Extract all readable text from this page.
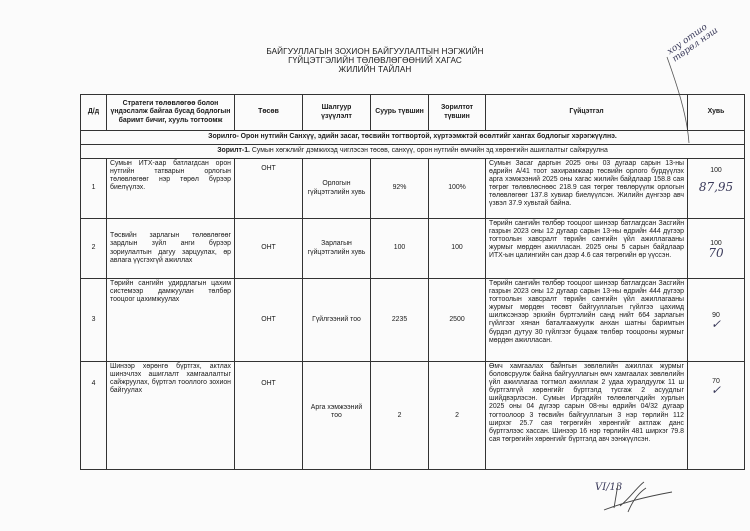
БАЙГУУЛЛАГЫН ЗОХИОН БАЙГУУЛАЛТЫН НЭГЖИЙН
ГҮЙЦЭТГЭЛИЙН ТӨЛӨВЛӨГӨӨНИЙ ХАГАС
ЖИЛИЙН ТАЙЛАН
хоу отшо төрөл нэш
Д/д	Стратеги төлөвлөгөө болон үндэслэлж байгаа бусад бодлогын баримт бичиг, хууль тогтоомж	Төсөв	Шалгуур үзүүлэлт	Суурь түвшин	Зорилтот түвшин	Гүйцэтгэл	Хувь
Зорилго- Орон нутгийн Санхүү, эдийн засаг, төсвийн тогтвортой, хүртээмжтэй өсөлтийг хангах бодлогыг хэрэгжүүлнэ.							
Зорилт-1. Сумын хөгжлийг дэмжихэд чиглэсэн төсөв, санхүү, орон нутгийн өмчийн эд хөрөнгийн ашиглалтыг сайжруулна							
1	Сумын ИТХ-аар батлагдсан орон нутгийн татварын орлогын төлөвлөгөөг нэр төрөл бүрээр биелүүлэх.	ОНТ	Орлогын гүйцэтгэлийн хувь	92%	100%	Сумын Засаг даргын 2025 оны 03 дугаар сарын 13-ны өдрийн А/41 тоот захирамжаар төсвийн орлого бүрдүүлэх арга хэмжээний 2025 оны хагас жилийн байдлаар 158.8 сая төгрөг төлөвлөснөөс 218.9 сая төгрөг төвлөрүүлж орлогын төлөвлөгөөг 137.8 хувиар биелүүлсэн. Жилийн дүнгээр авч үзвэл 37.9 хувьтай байна.	100
87,95

2	Төсвийн зарлагын төлөвлөгөөг зардлын зүйл анги бүрээр зориулалтын дагуу зарцуулах, өр авлага үүсгэхгүй ажиллах	ОНТ	Зарлагын гүйцэтгэлийн хувь	100	100	Төрийн сангийн төлбөр тооцоог шинээр батлагдсан Засгийн газрын 2023 оны 12 дугаар сарын 13-ны өдрийн 444 дүгээр тогтоолын хавсралт төрийн сангийн үйл ажиллагааны журмыг мөрдөн ажилласан. 2025 оны 5 сарын байдлаар ИТХ-ын цалингийн сан дээр 4.6 сая төгрөгийн өр үүссэн.	100
70

3	Төрийн сангийн удирдлагын цахим системээр дамжуулан төлбөр тооцоог цахимжуулах	ОНТ	Гүйлгээний тоо	2235	2500	Төрийн сангийн төлбөр тооцоог шинээр батлагдсан Засгийн газрын 2023 оны 12 дугаар сарын 13-ны өдрийн 444 дүгээр тогтоолын хавсралт төрийн сангийн үйл ажиллагааны журмыг мөрдөн төсөвт байгууллагын гүйлгээ цахимд шилжсэнээр эрхийн бүртгэлийн санд нийт 664 зарлагын гүйлгээг хянан баталгаажуулж анхан шатны баримтын бүрдэл дутуу 30 гүйлгээг буцааж төлбөр тооцооны журмыг мөрдөн ажилласан.	90
✓

4	Шинээр хөрөнгө бүртгэх, актлах шинэчлэх ашиглалт хамгаалалтыг сайжруулах, бүртгэл тооллого зохион байгуулах	ОНТ	Арга хэмжээний тоо	2	2	Өмч хамгаалах байнгын зөвлөлийн ажиллах журмыг боловсруулж байна байгууллагын өмч хамгаалах зөвлөлийн үйл ажиллагаа тогтмол ажиллаж 2 удаа хуралдуулж 11 ш бүртгэлгүй хөрөнгийг бүртгэлд тусгаж 2 асуудлыг шийдвэрлэсэн. Сумын Иргэдийн төлөөлөгчдийн хурлын 2025 оны 04 дүгээр сарын 08-ны өдрийн 04/32 дугаар тогтоолоор 3 төсвийн байгууллагын 3 нэр төрлийн 112 ширхэг 25.7 сая төгрөгийн хөрөнгийг актлаж данс бүртгэлээс хассан. Шинээр 16 нэр төрлийн 481 ширхэг 79.8 сая төгрөгийн хөрөнгийг бүртгэлд авч ээнжүүлсэн.	70
✓
VI/13
